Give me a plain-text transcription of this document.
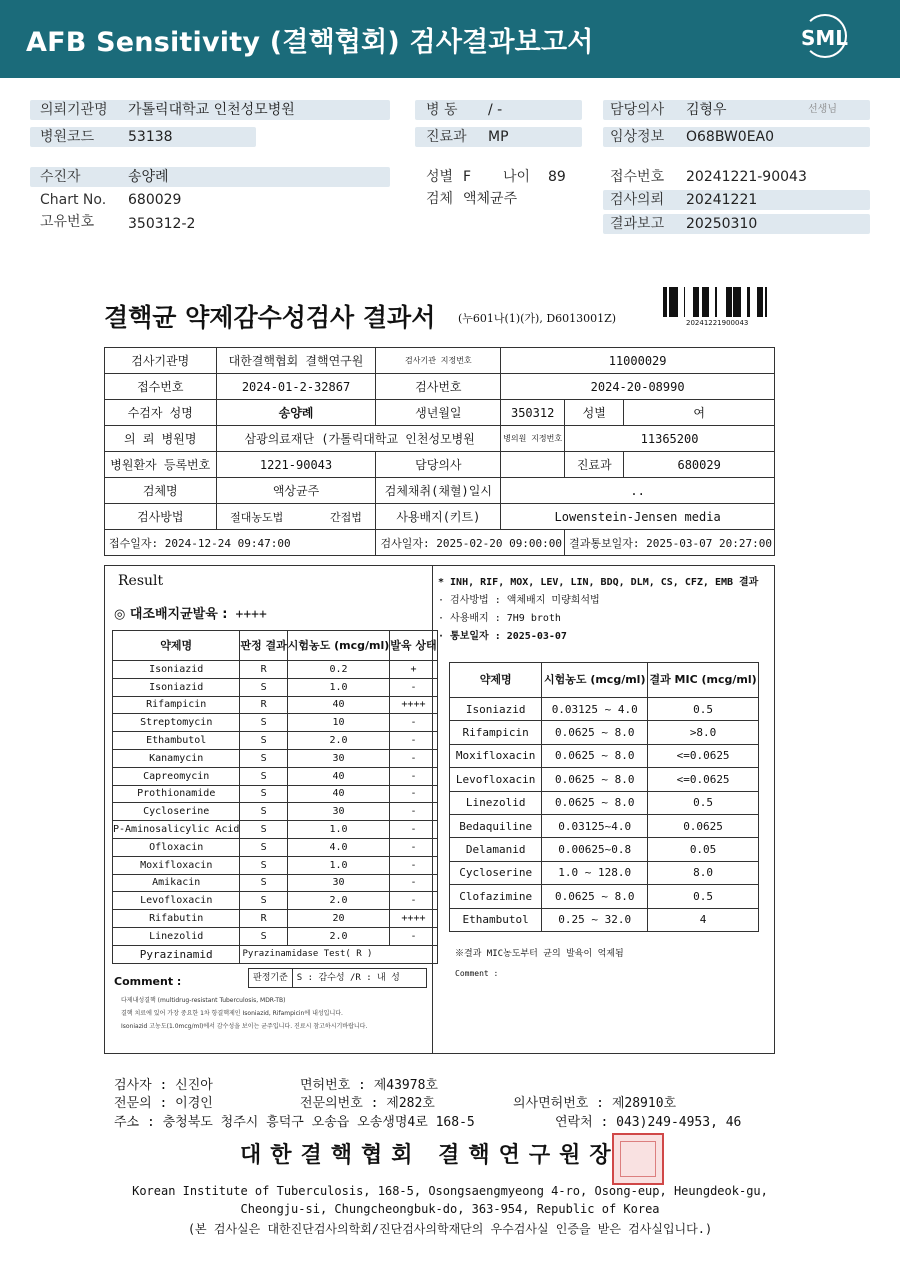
AFB Sensitivity (결핵협회) 검사결과보고서	SML
의뢰기관명 가톨릭대학교 인천성모병원
병원코드 53138
병 동 / -
진료과 MP
담당의사 김형우	선생님
임상정보 O68BW0EA0
수진자	송양례
Chart No. 680029
고유번호 350312-2
성별 F 나이 89
검체 액체균주
접수번호 20241221-90043
검사의뢰 20241221
결과보고 20250310
결핵균 약제감수성검사 결과서 (누601나(1)(가), D6013001Z)	20241221900043
검사기관명	대한결핵협회 결핵연구원	검사기관 지정번호	11000029		
접수번호	2024-01-2-32867	검사번호	2024-20-08990		
수검자 성명	송양례	생년월일	350312	성별	여
의 뢰 병원명	삼광의료재단 (가톨릭대학교 인천성모병원		병의원 지정번호	11365200	
병원환자 등록번호	1221-90043	담당의사		진료과	680029
검체명	액상균주	검체채취(채혈)일시	..		
검사방법	절대농도법 간접법	사용배지(키트)	Lowenstein-Jensen media		
접수일자: 2024-12-24 09:47:00		검사일자: 2025-02-20 09:00:00		결과통보일자: 2025-03-07 20:27:00	
Result
◎ 대조배지균발육 : ++++
약제명	판정 결과	시험농도 (mcg/ml)	발육 상태
Isoniazid	R	0.2	+
Isoniazid	S	1.0	-
Rifampicin	R	40	++++
Streptomycin	S	10	-
Ethambutol	S	2.0	-
Kanamycin	S	30	-
Capreomycin	S	40	-
Prothionamide	S	40	-
Cycloserine	S	30	-
P-Aminosalicylic Acid	S	1.0	-
Ofloxacin	S	4.0	-
Moxifloxacin	S	1.0	-
Amikacin	S	30	-
Levofloxacin	S	2.0	-
Rifabutin	R	20	++++
Linezolid	S	2.0	-
Pyrazinamid	Pyrazinamidase Test( R )		
Comment :	판정기준	S : 감수성 /R : 내 성
다제내성결핵 (multidrug-resistant Tuberculosis, MDR-TB)
결핵 치료에 있어 가장 중요한 1차 항결핵제인 Isoniazid, Rifampicin에 내성입니다.
Isoniazid 고농도(1.0mcg/ml)에서 감수성을 보이는 균주입니다. 진료시 참고하시기바랍니다.
* INH, RIF, MOX, LEV, LIN, BDQ, DLM, CS, CFZ, EMB 결과
· 검사방법 : 액체배지 미량희석법
· 사용배지 : 7H9 broth
· 통보일자 : 2025-03-07
약제명	시험농도 (mcg/ml)	결과 MIC (mcg/ml)
Isoniazid	0.03125 ~ 4.0	0.5
Rifampicin	0.0625 ~ 8.0	>8.0
Moxifloxacin	0.0625 ~ 8.0	<=0.0625
Levofloxacin	0.0625 ~ 8.0	<=0.0625
Linezolid	0.0625 ~ 8.0	0.5
Bedaquiline	0.03125~4.0	0.0625
Delamanid	0.00625~0.8	0.05
Cycloserine	1.0 ~ 128.0	8.0
Clofazimine	0.0625 ~ 8.0	0.5
Ethambutol	0.25 ~ 32.0	4
※결과 MIC농도부터 균의 발육이 억제됨
Comment :
검사자 : 신진아	면허번호 : 제43978호
전문의 : 이경인	전문의번호 : 제282호	의사면허번호 : 제28910호
주소 : 충청북도 청주시 흥덕구 오송읍 오송생명4로 168-5	연락처 : 043)249-4953, 46
대한결핵협회 결핵연구원장
Korean Institute of Tuberculosis, 168-5, Osongsaengmyeong 4-ro, Osong-eup, Heungdeok-gu,
Cheongju-si, Chungcheongbuk-do, 363-954, Republic of Korea
(본 검사실은 대한진단검사의학회/진단검사의학재단의 우수검사실 인증을 받은 검사실입니다.)
